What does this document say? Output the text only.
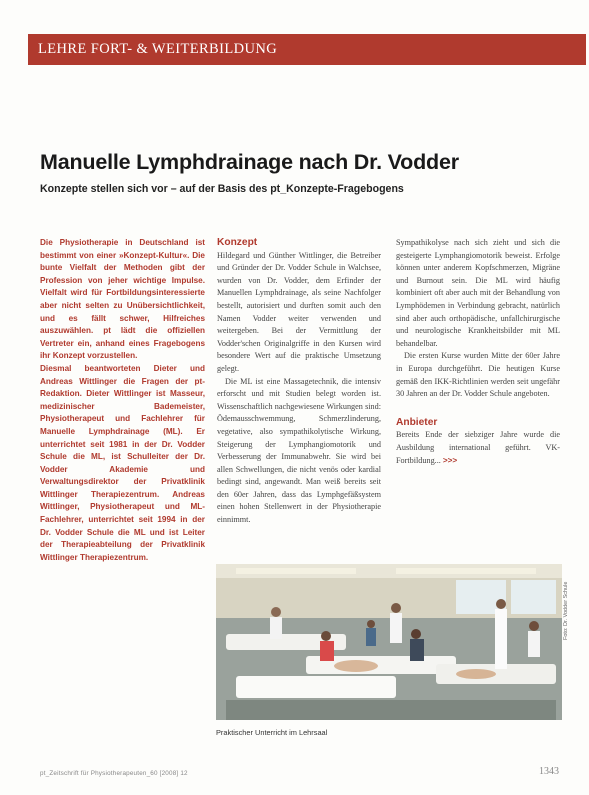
LEHRE FORT- & WEITERBILDUNG
Manuelle Lymphdrainage nach Dr. Vodder
Konzepte stellen sich vor – auf der Basis des pt_Konzepte-Fragebogens

Die Physiotherapie in Deutschland ist bestimmt von einer »Konzept-Kultur«. Die bunte Vielfalt der Methoden gibt der Profession von jeher wichtige Impulse. Vielfalt wird für Fortbildungsinteressierte aber nicht selten zu Unübersichtlichkeit, und es fällt schwer, Hilfreiches auszuwählen. pt lädt die offiziellen Vertreter ein, anhand eines Fragebogens ihr Konzept vorzustellen.

Diesmal beantworteten Dieter und Andreas Wittlinger die Fragen der pt-Redaktion. Dieter Wittlinger ist Masseur, medizinischer Bademeister, Physiotherapeut und Fachlehrer für Manuelle Lymphdrainage (ML). Er unterrichtet seit 1981 in der Dr. Vodder Schule die ML, ist Schulleiter der Dr. Vodder Akademie und Verwaltungsdirektor der Privatklinik Wittlinger Therapiezentrum. Andreas Wittlinger, Physiotherapeut und ML-Fachlehrer, unterrichtet seit 1994 in der Dr. Vodder Schule die ML und ist Leiter der Therapieabteilung der Privatklinik Wittlinger Therapiezentrum.

Konzept

Hildegard und Günther Wittlinger, die Betreiber und Gründer der Dr. Vodder Schule in Walchsee, wurden von Dr. Vodder, dem Erfinder der Manuellen Lymphdrainage, als seine Nachfolger bestellt, autorisiert und durften somit auch den Namen Vodder weiter verwenden und weitergeben. Bei der Vermittlung der Vodder'schen Originalgriffe in den Kursen wird besondere Wert auf die praktische Umsetzung gelegt.

Die ML ist eine Massagetechnik, die intensiv erforscht und mit Studien belegt worden ist. Wissenschaftlich nachgewiesene Wirkungen sind: Ödemausschwemmung, Schmerzlinderung, vegetative, also sympathikolytische Wirkung, Steigerung der Lymphangiomotorik und Verbesserung der Immunabwehr. Sie wird bei allen Schwellungen, die nicht venös oder kardial bedingt sind, angewandt. Man weiß bereits seit den 60er Jahren, dass das Lymphgefäßsystem einen hohen Stellenwert in der Physiotherapie einnimmt.

Sympathikolyse nach sich zieht und sich die gesteigerte Lymphangiomotorik beweist. Erfolge können unter anderem Kopfschmerzen, Migräne und Burnout sein. Die ML wird häufig kombiniert oft aber auch mit der Behandlung von Lymphödemen in Verbindung gebracht, natürlich sind aber auch orthopädische, unfallchirurgische und neurologische Krankheitsbilder mit ML behandelbar.

Die ersten Kurse wurden Mitte der 60er Jahre in Europa durchgeführt. Die heutigen Kurse gemäß den IKK-Richtlinien werden seit ungefähr 30 Jahren an der Dr. Vodder Schule angeboten.

Anbieter

Bereits Ende der siebziger Jahre wurde die Ausbildung international geführt. VK-Fortbildung... >>>

Foto: Dr. Vodder Schule
Praktischer Unterricht im Lehrsaal
pt_Zeitschrift für Physiotherapeuten_60 [2008] 12	1343
